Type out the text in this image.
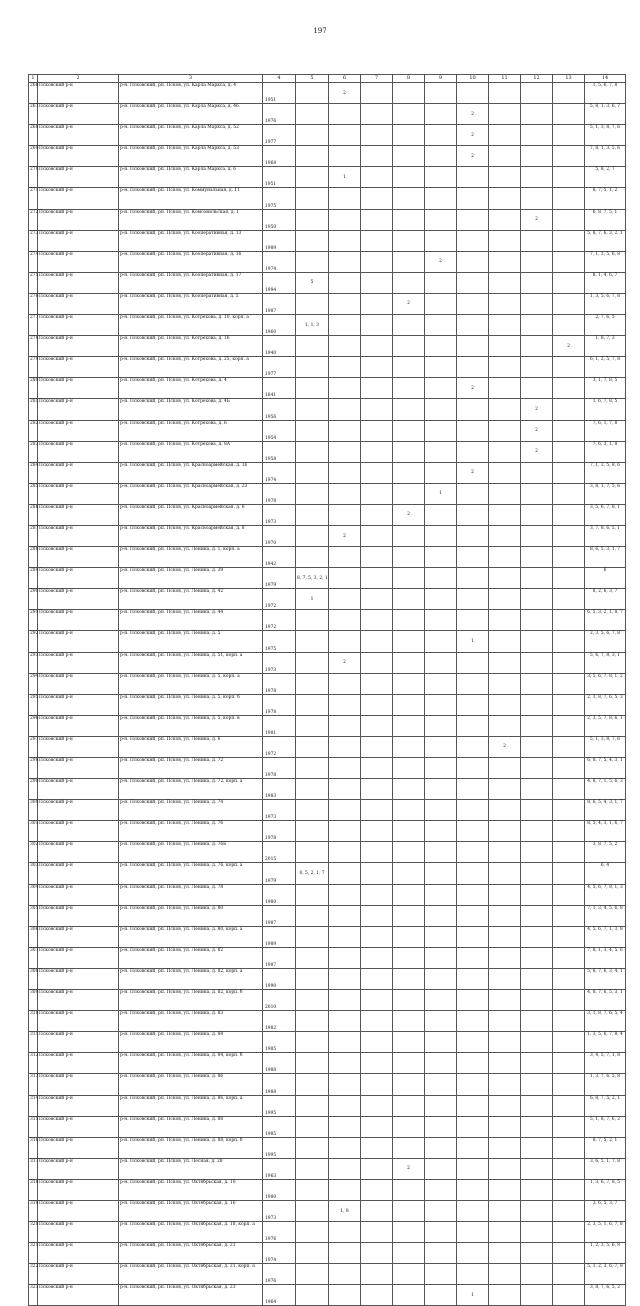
197
1	2	3	4	5	6	7	8	9	10	11	12	13	14
266	Псковский р-н	р-н. Псковский, рп. Псков, ул. Карла Маркса, д. 4	1951		2								1, 5, 6, 7, 8
267	Псковский р-н	р-н. Псковский, рп. Псков, ул. Карла Маркса, д. 46	1976						2				5, 8, 1, 3, 6, 7
268	Псковский р-н	р-н. Псковский, рп. Псков, ул. Карла Маркса, д. 52	1977						2				5, 1, 3, 8, 7, 6
269	Псковский р-н	р-н. Псковский, рп. Псков, ул. Карла Маркса, д. 53	1968						2				7, 8, 1, 3, 5, 6
270	Псковский р-н	р-н. Псковский, рп. Псков, ул. Карла Маркса, д. 6	1951		1								5, 8, 2, 7
271	Псковский р-н	р-н. Псковский, рп. Псков, ул. Коммунальная, д. 11	1975										8, 7, 5, 1, 2
272	Псковский р-н	р-н. Псковский, рп. Псков, ул. Комсомольская, д. 1	1950								2		6, 8, 7, 5, 1
273	Псковский р-н	р-н. Псковский, рп. Псков, ул. Кооперативная, д. 13	1989										5, 8, 7, 6, 3, 2, 1
274	Псковский р-н	р-н. Псковский, рп. Псков, ул. Кооперативная, д. 16	1974					2					7, 1, 3, 5, 6, 8
275	Псковский р-н	р-н. Псковский, рп. Псков, ул. Кооперативная, д. 17	1994	5									8, 1, 4, 6, 7
276	Псковский р-н	р-н. Псковский, рп. Псков, ул. Кооперативная, д. 5	1987				2						1, 3, 5, 6, 7, 8
277	Псковский р-н	р-н. Псковский, рп. Псков, ул. Котрехова, д. 10, корп. а	1960	1, 1, 3									2, 7, 6, 5
278	Псковский р-н	р-н. Псковский, рп. Псков, ул. Котрехова, д. 16	1940									2	1, 8, 7, 3
279	Псковский р-н	р-н. Псковский, рп. Псков, ул. Котрехова, д. 25, корп. а	1977										6, 1, 2, 5, 7, 8
280	Псковский р-н	р-н. Псковский, рп. Псков, ул. Котрехова, д. 4	1841						2				3, 1, 7, 8, 5
281	Псковский р-н	р-н. Псковский, рп. Псков, ул. Котрехова, д. 4Б	1956								2		1, 6, 7, 8, 5
282	Псковский р-н	р-н. Псковский, рп. Псков, ул. Котрехова, д. 6	1954								2		7, 6, 1, 7, 8
283	Псковский р-н	р-н. Псковский, рп. Псков, ул. Котрехова, д. 8А	1958								2		7, 6, 3, 1, 8
284	Псковский р-н	р-н. Псковский, рп. Псков, ул. Красноармейская, д. 16	1974						2				7, 1, 3, 5, 8, 6
285	Псковский р-н	р-н. Псковский, рп. Псков, ул. Красноармейская, д. 23	1978					1					3, 8, 1, 7, 5, 6
286	Псковский р-н	р-н. Псковский, рп. Псков, ул. Красноармейская, д. 6	1973				2						3, 5, 6, 7, 8, 1
287	Псковский р-н	р-н. Псковский, рп. Псков, ул. Красноармейская, д. 8	1970		2								3, 7, 8, 6, 5, 1
288	Псковский р-н	р-н. Псковский, рп. Псков, ул. Ленина, д. 1, корп. а	1942										8, 6, 5, 3, 1, 7
289	Псковский р-н	р-н. Псковский, рп. Псков, ул. Ленина, д. 39	1979	8, 7, 5, 3, 2, 1									6
290	Псковский р-н	р-н. Псковский, рп. Псков, ул. Ленина, д. 42	1972	1									8, 2, 6, 3, 7
291	Псковский р-н	р-н. Псковский, рп. Псков, ул. Ленина, д. 44	1972										6, 5, 3, 2, 1, 8, 7
292	Псковский р-н	р-н. Псковский, рп. Псков, ул. Ленина, д. 5	1975						1				2, 3, 5, 6, 7, 8
293	Псковский р-н	р-н. Псковский, рп. Псков, ул. Ленина, д. 51, корп. а	1973		2								5, 6, 7, 8, 3, 1
294	Псковский р-н	р-н. Псковский, рп. Псков, ул. Ленина, д. 5, корп. а	1978										3, 5, 6, 7, 8, 1, 2
295	Псковский р-н	р-н. Псковский, рп. Псков, ул. Ленина, д. 5, корп. б	1978										2, 1, 8, 7, 6, 5, 3
296	Псковский р-н	р-н. Псковский, рп. Псков, ул. Ленина, д. 5, корп. в	1981										2, 3, 5, 7, 8, 6, 1
297	Псковский р-н	р-н. Псковский, рп. Псков, ул. Ленина, д. 6	1972							2			5, 1, 3, 8, 7, 6
298	Псковский р-н	р-н. Псковский, рп. Псков, ул. Ленина, д. 72	1978										6, 8, 7, 5, 4, 3, 1
299	Псковский р-н	р-н. Псковский, рп. Псков, ул. Ленина, д. 72, корп. а	1983										4, 8, 7, 1, 5, 6, 3
300	Псковский р-н	р-н. Псковский, рп. Псков, ул. Ленина, д. 74	1973										8, 6, 5, 4, 3, 1, 7
301	Псковский р-н	р-н. Псковский, рп. Псков, ул. Ленина, д. 76	1978										8, 5, 4, 3, 1, 6, 7
302	Псковский р-н	р-н. Псковский, рп. Псков, ул. Ленина, д. 76Б	2015										3, 8, 7, 5, 2
303	Псковский р-н	р-н. Псковский, рп. Псков, ул. Ленина, д. 76, корп. а	1979	8, 5, 2, 1, 7									6, 4
304	Псковский р-н	р-н. Псковский, рп. Псков, ул. Ленина, д. 78	1980										4, 5, 6, 7, 8, 1, 3
305	Псковский р-н	р-н. Псковский, рп. Псков, ул. Ленина, д. 80	1987										7, 1, 3, 4, 5, 6, 8
306	Псковский р-н	р-н. Псковский, рп. Псков, ул. Ленина, д. 80, корп. а	1989										4, 5, 6, 7, 1, 3, 8
307	Псковский р-н	р-н. Псковский, рп. Псков, ул. Ленина, д. 82	1987										7, 8, 1, 3, 4, 5, 6
308	Псковский р-н	р-н. Псковский, рп. Псков, ул. Ленина, д. 82, корп. а	1990										5, 8, 7, 6, 3, 4, 1
309	Псковский р-н	р-н. Псковский, рп. Псков, ул. Ленина, д. 82, корп. б	2010										4, 8, 7, 6, 5, 3, 1
310	Псковский р-н	р-н. Псковский, рп. Псков, ул. Ленина, д. 83	1982										3, 1, 8, 7, 6, 5, 4
311	Псковский р-н	р-н. Псковский, рп. Псков, ул. Ленина, д. 84	1985										1, 3, 5, 6, 7, 8, 4
312	Псковский р-н	р-н. Псковский, рп. Псков, ул. Ленина, д. 84, корп. б	1988										3, 4, 5, 7, 1, 8
313	Псковский р-н	р-н. Псковский, рп. Псков, ул. Ленина, д. 86	1988										1, 3, 7, 6, 5, 8
314	Псковский р-н	р-н. Псковский, рп. Псков, ул. Ленина, д. 86, корп. а	1995										6, 8, 7, 5, 2, 1
315	Псковский р-н	р-н. Псковский, рп. Псков, ул. Ленина, д. 88	1985										5, 1, 8, 7, 6, 2
316	Псковский р-н	р-н. Псковский, рп. Псков, ул. Ленина, д. 88, корп. б	1995										8, 7, 5, 2, 1
317	Псковский р-н	р-н. Псковский, рп. Псков, ул. Лесная, д. 28	1963				2						3, 6, 5, 1, 7, 8
318	Псковский р-н	р-н. Псковский, рп. Псков, ул. Октябрьская, д. 10	1980										1, 3, 6, 7, 8, 5
319	Псковский р-н	р-н. Псковский, рп. Псков, ул. Октябрьская, д. 16	1973		1, 8								3, 6, 5, 3, 7
320	Псковский р-н	р-н. Псковский, рп. Псков, ул. Октябрьская, д. 18, корп. а	1976										2, 3, 5, 1, 6, 7, 8
321	Псковский р-н	р-н. Псковский, рп. Псков, ул. Октябрьская, д. 21	1974										1, 2, 3, 5, 6, 8
322	Псковский р-н	р-н. Псковский, рп. Псков, ул. Октябрьская, д. 21, корп. а	1976										5, 1, 2, 3, 6, 7, 8
323	Псковский р-н	р-н. Псковский, рп. Псков, ул. Октябрьская, д. 23	1964						1				3, 8, 7, 6, 5, 2
